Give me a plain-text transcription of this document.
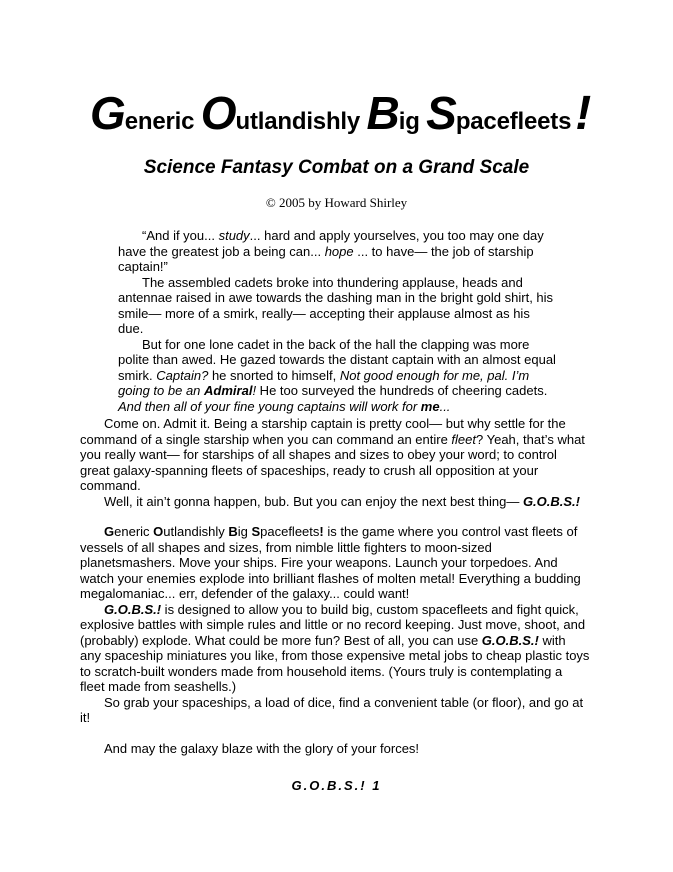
Generic Outlandishly Big Spacefleets!
Science Fantasy Combat on a Grand Scale
© 2005 by Howard Shirley

“And if you... study... hard and apply yourselves, you too may one day have the greatest job a being can... hope ... to have— the job of starship captain!”

The assembled cadets broke into thundering applause, heads and antennae raised in awe towards the dashing man in the bright gold shirt, his smile— more of a smirk, really— accepting their applause almost as his due.

But for one lone cadet in the back of the hall the clapping was more polite than awed. He gazed towards the distant captain with an almost equal smirk. Captain? he snorted to himself, Not good enough for me, pal. I’m going to be an Admiral! He too surveyed the hundreds of cheering cadets. And then all of your fine young captains will work for me...

Come on. Admit it. Being a starship captain is pretty cool— but why settle for the command of a single starship when you can command an entire fleet? Yeah, that’s what you really want— for starships of all shapes and sizes to obey your word; to control great galaxy-spanning fleets of spaceships, ready to crush all opposition at your command.

Well, it ain’t gonna happen, bub. But you can enjoy the next best thing— G.O.B.S.!

Generic Outlandishly Big Spacefleets! is the game where you control vast fleets of vessels of all shapes and sizes, from nimble little fighters to moon-sized planetsmashers. Move your ships. Fire your weapons. Launch your torpedoes. And watch your enemies explode into brilliant flashes of molten metal! Everything a budding megalomaniac... err, defender of the galaxy... could want!

G.O.B.S.! is designed to allow you to build big, custom spacefleets and fight quick, explosive battles with simple rules and little or no record keeping. Just move, shoot, and (probably) explode. What could be more fun? Best of all, you can use G.O.B.S.! with any spaceship miniatures you like, from those expensive metal jobs to cheap plastic toys to scratch-built wonders made from household items. (Yours truly is contemplating a fleet made from seashells.)

So grab your spaceships, a load of dice, find a convenient table (or floor), and go at it!

And may the galaxy blaze with the glory of your forces!

G.O.B.S.! 1
